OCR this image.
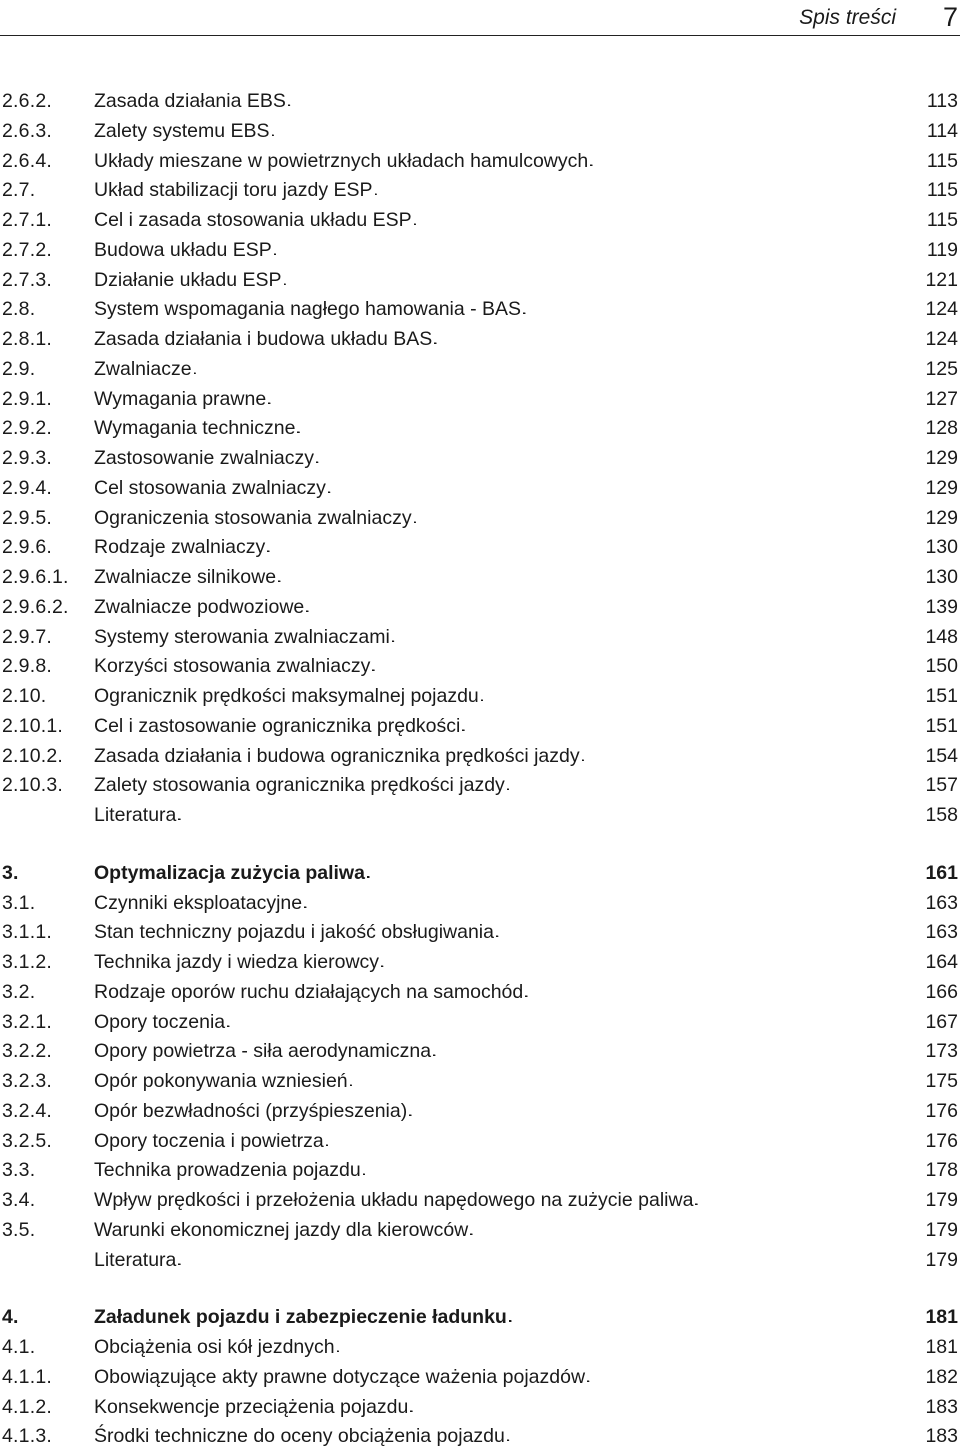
Spis treści 7
2.6.2.	Zasada działania EBS . . .	113
2.6.3.	Zalety systemu EBS . . .	114
2.6.4.	Układy mieszane w powietrznych układach hamulcowych . . .	115
2.7.	Układ stabilizacji toru jazdy ESP . . .	115
2.7.1.	Cel i zasada stosowania układu ESP . . .	115
2.7.2.	Budowa układu ESP . . .	119
2.7.3.	Działanie układu ESP . . .	121
2.8.	System wspomagania nagłego hamowania - BAS . . .	124
2.8.1.	Zasada działania i budowa układu BAS . . .	124
2.9.	Zwalniacze . . .	125
2.9.1.	Wymagania prawne . . .	127
2.9.2.	Wymagania techniczne . . .	128
2.9.3.	Zastosowanie zwalniaczy . . .	129
2.9.4.	Cel stosowania zwalniaczy . . .	129
2.9.5.	Ograniczenia stosowania zwalniaczy . . .	129
2.9.6.	Rodzaje zwalniaczy . . .	130
2.9.6.1.	Zwalniacze silnikowe . . .	130
2.9.6.2.	Zwalniacze podwoziowe . . .	139
2.9.7.	Systemy sterowania zwalniaczami . . .	148
2.9.8.	Korzyści stosowania zwalniaczy . . .	150
2.10.	Ogranicznik prędkości maksymalnej pojazdu . . .	151
2.10.1.	Cel i zastosowanie ogranicznika prędkości . . .	151
2.10.2.	Zasada działania i budowa ogranicznika prędkości jazdy . . .	154
2.10.3.	Zalety stosowania ogranicznika prędkości jazdy . . .	157
Literatura . . .	158
3.	Optymalizacja zużycia paliwa . . .	161
3.1.	Czynniki eksploatacyjne . . .	163
3.1.1.	Stan techniczny pojazdu i jakość obsługiwania . . .	163
3.1.2.	Technika jazdy i wiedza kierowcy . . .	164
3.2.	Rodzaje oporów ruchu działających na samochód . . .	166
3.2.1.	Opory toczenia . . .	167
3.2.2.	Opory powietrza - siła aerodynamiczna . . .	173
3.2.3.	Opór pokonywania wzniesień . . .	175
3.2.4.	Opór bezwładności (przyśpieszenia) . . .	176
3.2.5.	Opory toczenia i powietrza . . .	176
3.3.	Technika prowadzenia pojazdu . . .	178
3.4.	Wpływ prędkości i przełożenia układu napędowego na zużycie paliwa . . .	179
3.5.	Warunki ekonomicznej jazdy dla kierowców . . .	179
Literatura . . .	179
4.	Załadunek pojazdu i zabezpieczenie ładunku . . .	181
4.1.	Obciążenia osi kół jezdnych . . .	181
4.1.1.	Obowiązujące akty prawne dotyczące ważenia pojazdów . . .	182
4.1.2.	Konsekwencje przeciążenia pojazdu . . .	183
4.1.3.	Środki techniczne do oceny obciążenia pojazdu . . .	183
